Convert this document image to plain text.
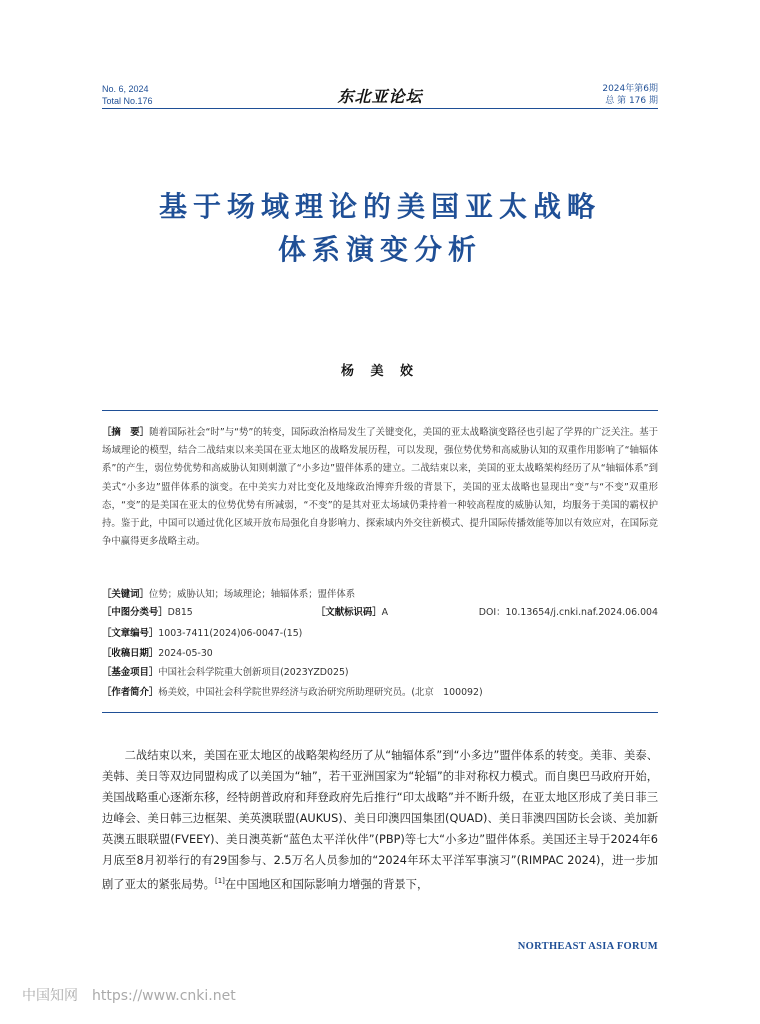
No. 6, 2024
Total No.176	东北亚论坛	2024年第6期
总 第 176 期
基于场域理论的美国亚太战略
体系演变分析
杨 美 姣
［摘　要］随着国际社会“时”与“势”的转变，国际政治格局发生了关键变化，美国的亚太战略演变路径也引起了学界的广泛关注。基于场域理论的模型，结合二战结束以来美国在亚太地区的战略发展历程，可以发现，强位势优势和高威胁认知的双重作用影响了“轴辐体系”的产生，弱位势优势和高威胁认知则刺激了“小多边”盟伴体系的建立。二战结束以来，美国的亚太战略架构经历了从“轴辐体系”到美式“小多边”盟伴体系的演变。在中美实力对比变化及地缘政治博弈升级的背景下，美国的亚太战略也显现出“变”与“不变”双重形态，“变”的是美国在亚太的位势优势有所减弱，“不变”的是其对亚太场域仍秉持着一种较高程度的威胁认知，均服务于美国的霸权护持。鉴于此，中国可以通过优化区域开放布局强化自身影响力、探索域内外交往新模式、提升国际传播效能等加以有效应对，在国际竞争中赢得更多战略主动。
［关键词］位势；威胁认知；场域理论；轴辐体系；盟伴体系
［中图分类号］D815	［文献标识码］A	DOI：10.13654/j.cnki.naf.2024.06.004
［文章编号］1003-7411(2024)06-0047-(15)
［收稿日期］2024-05-30
［基金项目］中国社会科学院重大创新项目(2023YZD025)
［作者简介］杨美姣，中国社会科学院世界经济与政治研究所助理研究员。(北京　100092)
二战结束以来，美国在亚太地区的战略架构经历了从“轴辐体系”到“小多边”盟伴体系的转变。美菲、美泰、美韩、美日等双边同盟构成了以美国为“轴”，若干亚洲国家为“轮辐”的非对称权力模式。而自奥巴马政府开始，美国战略重心逐渐东移，经特朗普政府和拜登政府先后推行“印太战略”并不断升级，在亚太地区形成了美日菲三边峰会、美日韩三边框架、美英澳联盟(AUKUS)、美日印澳四国集团(QUAD)、美日菲澳四国防长会谈、美加新英澳五眼联盟(FVEEY)、美日澳英新“蓝色太平洋伙伴”(PBP)等七大“小多边”盟伴体系。美国还主导于2024年6月底至8月初举行的有29国参与、2.5万名人员参加的“2024年环太平洋军事演习”(RIMPAC 2024)，进一步加剧了亚太的紧张局势。[1]在中国地区和国际影响力增强的背景下，
NORTHEAST ASIA FORUM
中国知网 https://www.cnki.net
